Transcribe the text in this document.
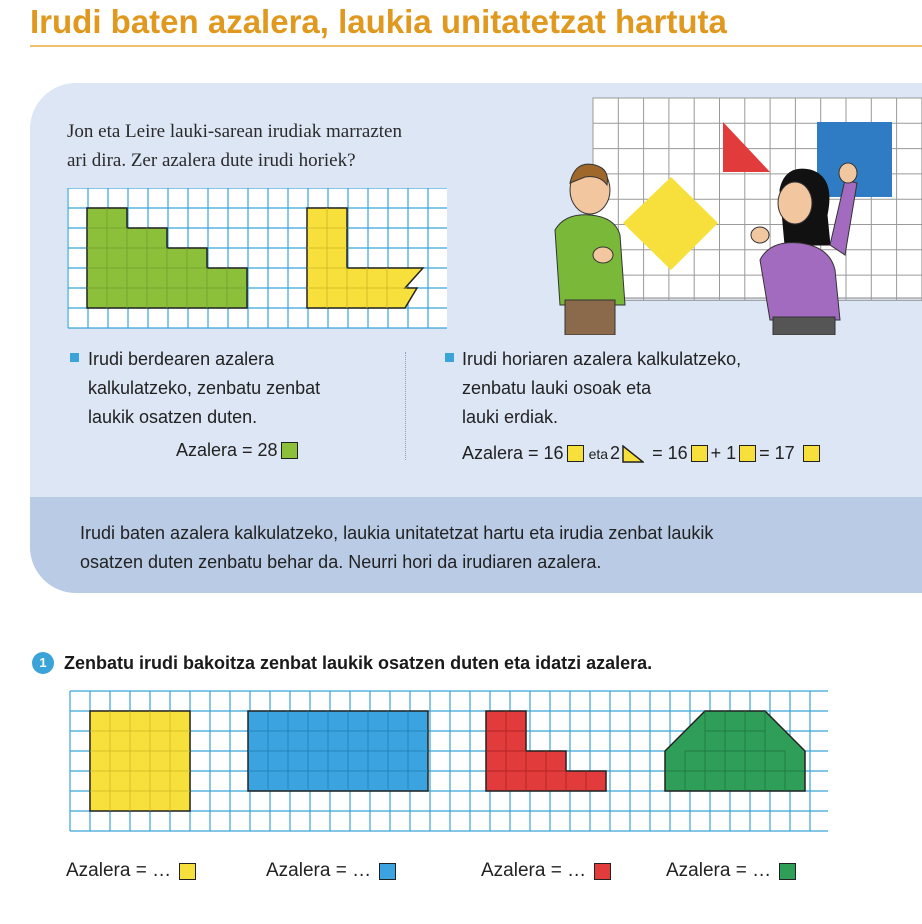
Irudi baten azalera, laukia unitatetzat hartuta
Jon eta Leire lauki-sarean irudiak marrazten
ari dira. Zer azalera dute irudi horiek?
Irudi berdearen azalera
kalkulatzeko, zenbatu zenbat
laukik osatzen duten.
Azalera = 28
Irudi horiaren azalera kalkulatzeko,
zenbatu lauki osoak eta
lauki erdiak.
Azalera = 16 eta 2 = 16 + 1 = 17
Irudi baten azalera kalkulatzeko, laukia unitatetzat hartu eta irudia zenbat laukik
osatzen duten zenbatu behar da. Neurri hori da irudiaren azalera.
1 Zenbatu irudi bakoitza zenbat laukik osatzen duten eta idatzi azalera.
Azalera = …	Azalera = …	Azalera = …	Azalera = …
